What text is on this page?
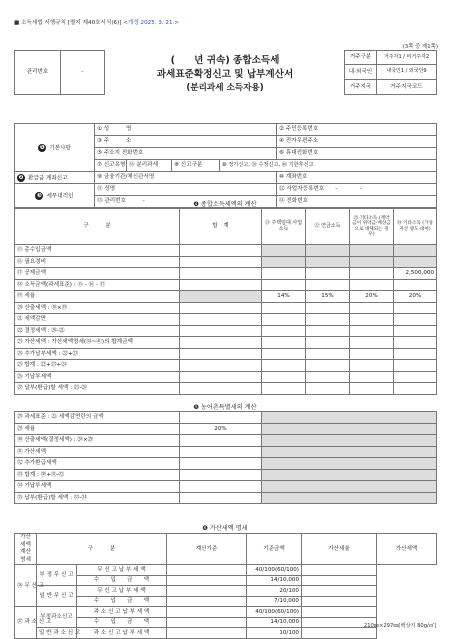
■ 소득세법 시행규칙 [별지 제40호서식(6)] <개정 2025. 3. 21.>
(3쪽 중 제1쪽)
관리번호	-		거주구분	거주자1 / 비거주자2
			내·외국인	내국인1 / 외국인9
			거주지국	거주지국코드
(　　년 귀속) 종합소득세
과세표준확정신고 및 납부계산서
(분리과세 소득자용)
❶ 기본사항	① 성　　　명				② 주민등록번호
	③ 주　　　소				④ 전자우편주소
	⑤ 주소지 전화번호				⑥ 휴대전화번호
	⑦ 신고유형	⑯ 분리과세	⑧ 신고구분	⑩ 정기신고, ⑳ 수정신고, ㊵ 기한후신고	
❷ 환급금 계좌신고	⑨ 금융기관/체신관서명				⑩ 계좌번호
❸ 세무대리인	⑪ 성명				⑫ 사업자등록번호　　 -　　　　-
	⑬ 관리번호　　　 -				⑭ 전화번호
❹ 종합소득세액의 계산
구　　　분	합　계	㉑ 주택임대 사업소득	㉒ 연금소득	㉓ 기타소득 (계약금이 위약금·배상금으로 대체되는 경우)	㉔ 기타소득 (가상자산 양도·대여)
⑮ 총수입금액					
⑯ 필요경비					
⑰ 공제금액					2,500,000
⑱ 소득금액(과세표준) : ⑮ - ⑯ - ⑰					
⑲ 세율		14%	15%	20%	20%
⑳ 산출세액 : ⑱×⑲					
㉑ 세액감면					
㉒ 결정세액 : ⑳-㉑					
㉓ 가산세액 : 가산세액명세(㉞~㊶)의 합계금액					
㉔ 추가납부세액 : ㉒+㉓					
㉕ 합계 : ㉒+㉓+㉔					
㉖ 기납부세액					
㉗ 납부(환급)할 세액 : ㉕-㉖					
❺ 농어촌특별세의 계산
㉘ 과세표준 : ㉑ 세액감면란의 금액		
㉙ 세율	20%	
㉚ 산출세액(결정세액) : ㉘×㉙		
㉛ 가산세액		
㉜ 추가환급세액		
㉝ 합계 : ㉚+㉛-㉜		
㉞ 기납부세액		
㉟ 납부(환급)할 세액 : ㉝-㉞		
❻ 가산세액 명세
가산세액계산명세	구　　　분		계산기준	기준금액	가산세율	가산세액
㊱ 무 신 고	부 정 무 신 고	무 신 고 납 부 세 액		40/100(60/100)		
		수　　입　　금　　액		14/10,000		
	일 반 무 신 고	무 신 고 납 부 세 액		20/100		
		수　　입　　금　　액		7/10,000		
㊲ 과 소 신 고	부정과소신고	과 소 신 고 납 부 세 액		40/100(60/100)		
		수　　입　　금　　액		14/10,000		
	일 반 과 소 신 고	과 소 신 고 납 부 세 액		10/100		
210㎜×297㎜[백상지 80g/㎡]
